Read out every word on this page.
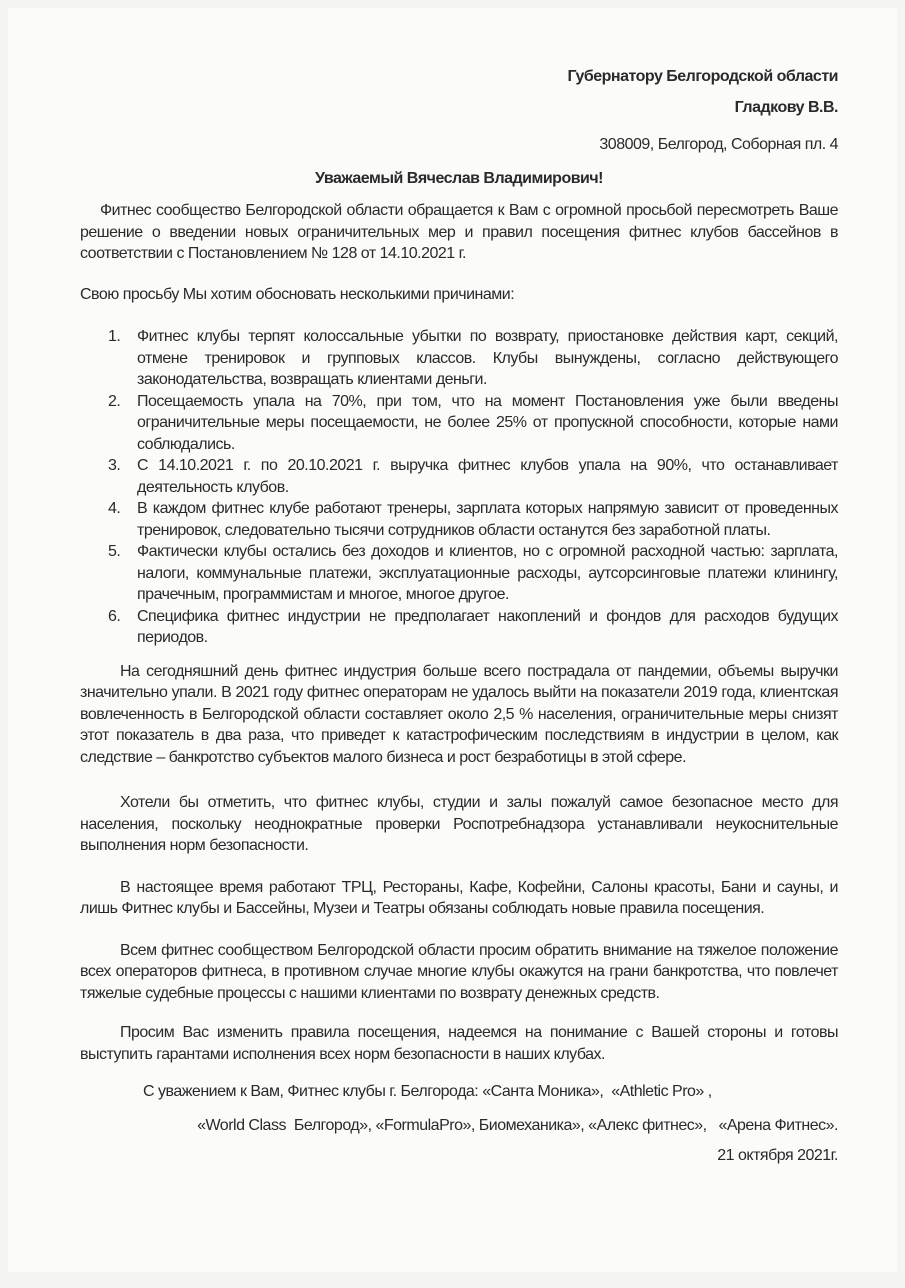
Губернатору Белгородской области
Гладкову В.В.
308009, Белгород, Соборная пл. 4
Уважаемый Вячеслав Владимирович!
Фитнес сообщество Белгородской области обращается к Вам с огромной просьбой пересмотреть Ваше решение о введении новых ограничительных мер и правил посещения фитнес клубов бассейнов в соответствии с Постановлением № 128 от 14.10.2021 г.
Свою просьбу Мы хотим обосновать несколькими причинами:
1. Фитнес клубы терпят колоссальные убытки по возврату, приостановке действия карт, секций, отмене тренировок и групповых классов. Клубы вынуждены, согласно действующего законодательства, возвращать клиентами деньги.
2. Посещаемость упала на 70%, при том, что на момент Постановления уже были введены ограничительные меры посещаемости, не более 25% от пропускной способности, которые нами соблюдались.
3. С 14.10.2021 г. по 20.10.2021 г. выручка фитнес клубов упала на 90%, что останавливает деятельность клубов.
4. В каждом фитнес клубе работают тренеры, зарплата которых напрямую зависит от проведенных тренировок, следовательно тысячи сотрудников области останутся без заработной платы.
5. Фактически клубы остались без доходов и клиентов, но с огромной расходной частью: зарплата, налоги, коммунальные платежи, эксплуатационные расходы, аутсорсинговые платежи клинингу, прачечным, программистам и многое, многое другое.
6. Специфика фитнес индустрии не предполагает накоплений и фондов для расходов будущих периодов.
На сегодняшний день фитнес индустрия больше всего пострадала от пандемии, объемы выручки значительно упали. В 2021 году фитнес операторам не удалось выйти на показатели 2019 года, клиентская вовлеченность в Белгородской области составляет около 2,5 % населения, ограничительные меры снизят этот показатель в два раза, что приведет к катастрофическим последствиям в индустрии в целом, как следствие – банкротство субъектов малого бизнеса и рост безработицы в этой сфере.
Хотели бы отметить, что фитнес клубы, студии и залы пожалуй самое безопасное место для населения, поскольку неоднократные проверки Роспотребнадзора устанавливали неукоснительные выполнения норм безопасности.
В настоящее время работают ТРЦ, Рестораны, Кафе, Кофейни, Салоны красоты, Бани и сауны, и лишь Фитнес клубы и Бассейны, Музеи и Театры обязаны соблюдать новые правила посещения.
Всем фитнес сообществом Белгородской области просим обратить внимание на тяжелое положение всех операторов фитнеса, в противном случае многие клубы окажутся на грани банкротства, что повлечет тяжелые судебные процессы с нашими клиентами по возврату денежных средств.
Просим Вас изменить правила посещения, надеемся на понимание с Вашей стороны и готовы выступить гарантами исполнения всех норм безопасности в наших клубах.
С уважением к Вам, Фитнес клубы г. Белгорода: «Санта Моника»,  «Athletic Pro» ,
«World Class  Белгород», «FormulaPro», Биомеханика», «Алекс фитнес»,   «Арена Фитнес».
21 октября 2021г.
